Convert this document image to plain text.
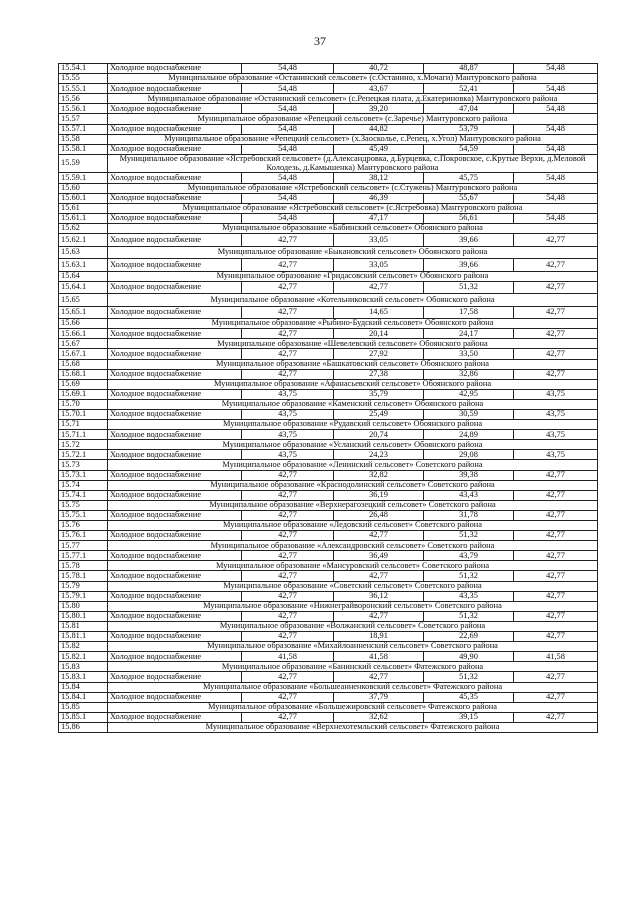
37
15.54.1	Холодное водоснабжение	54,48	40,72	48,87	54,48
15.55	Муниципальное образование «Останинский сельсовет» (с.Останино, х.Мочаги) Мантуровского района				
15.55.1	Холодное водоснабжение	54,48	43,67	52,41	54,48
15.56	Муниципальное образование «Останинский сельсовет» (с.Репецкая плата, д.Екатериновка) Мантуровского района				
15.56.1	Холодное водоснабжение	54,48	39,20	47,04	54,48
15.57	Муниципальное образование «Репецкий сельсовет» (с.Заречье) Мантуровского района				
15.57.1	Холодное водоснабжение	54,48	44,82	53,79	54,48
15.58	Муниципальное образование «Репецкий сельсовет» (х.Заосколье, с.Репец, х.Угол) Мантуровского района				
15.58.1	Холодное водоснабжение	54,48	45,49	54,59	54,48
15.59	Муниципальное образование «Ястребовский сельсовет» (д.Александровка, д.Бурцевка, с.Покровское, с.Крутые Верхи, д.Меловой Колодезь, д.Камышенка) Мантуровского района				
15.59.1	Холодное водоснабжение	54,48	38,12	45,75	54,48
15.60	Муниципальное образование «Ястребовский сельсовет» (с.Стужень) Мантуровского района				
15.60.1	Холодное водоснабжение	54,48	46,39	55,67	54,48
15.61	Муниципальное образование «Ястребовский сельсовет» (с.Ястребовка) Мантуровского района				
15.61.1	Холодное водоснабжение	54,48	47,17	56,61	54,48
15.62	Муниципальное образование «Бабинский сельсовет» Обоянского района				
15.62.1	Холодное водоснабжение	42,77	33,05	39,66	42,77
15.63	Муниципальное образование «Быкановский сельсовет» Обоянского района				
15.63.1	Холодное водоснабжение	42,77	33,05	39,66	42,77
15.64	Муниципальное образование «Гридасовский сельсовет» Обоянского района				
15.64.1	Холодное водоснабжение	42,77	42,77	51,32	42,77
15.65	Муниципальное образование «Котельниковский сельсовет» Обоянского района				
15.65.1	Холодное водоснабжение	42,77	14,65	17,58	42,77
15.66	Муниципальное образование «Рыбино-Будский сельсовет» Обоянского района				
15.66.1	Холодное водоснабжение	42,77	20,14	24,17	42,77
15.67	Муниципальное образование «Шевелевский сельсовет» Обоянского района				
15.67.1	Холодное водоснабжение	42,77	27,92	33,50	42,77
15.68	Муниципальное образование «Башкатовский сельсовет» Обоянского района				
15.68.1	Холодное водоснабжение	42,77	27,38	32,86	42,77
15.69	Муниципальное образование «Афанасьевский сельсовет» Обоянского района				
15.69.1	Холодное водоснабжение	43,75	35,79	42,95	43,75
15.70	Муниципальное образование «Каменский сельсовет» Обоянского района				
15.70.1	Холодное водоснабжение	43,75	25,49	30,59	43,75
15.71	Муниципальное образование «Рудавский сельсовет» Обоянского района				
15.71.1	Холодное водоснабжение	43,75	20,74	24,89	43,75
15.72	Муниципальное образование «Усланский сельсовет» Обоянского района				
15.72.1	Холодное водоснабжение	43,75	24,23	29,08	43,75
15.73	Муниципальное образование «Ленинский сельсовет» Советского района				
15.73.1	Холодное водоснабжение	42,77	32,82	39,38	42,77
15.74	Муниципальное образование «Краснодолинский сельсовет» Советского района				
15.74.1	Холодное водоснабжение	42,77	36,19	43,43	42,77
15.75	Муниципальное образование «Верхнерагозецкий сельсовет» Советского района				
15.75.1	Холодное водоснабжение	42,77	26,48	31,78	42,77
15.76	Муниципальное образование «Ледовский сельсовет» Советского района				
15.76.1	Холодное водоснабжение	42,77	42,77	51,32	42,77
15.77	Муниципальное образование «Александровский сельсовет» Советского района				
15.77.1	Холодное водоснабжение	42,77	36,49	43,79	42,77
15.78	Муниципальное образование «Мансуровский сельсовет» Советского района				
15.78.1	Холодное водоснабжение	42,77	42,77	51,32	42,77
15.79	Муниципальное образование «Советский сельсовет» Советского района				
15.79.1	Холодное водоснабжение	42,77	36,12	43,35	42,77
15.80	Муниципальное образование «Нижнеграйворонский сельсовет» Советского района				
15.80.1	Холодное водоснабжение	42,77	42,77	51,32	42,77
15.81	Муниципальное образование «Волжанский сельсовет» Советского района				
15.81.1	Холодное водоснабжение	42,77	18,91	22,69	42,77
15.82	Муниципальное образование «Михайлоанненский сельсовет» Советского района				
15.82.1	Холодное водоснабжение	41,58	41,58	49,90	41,58
15.83	Муниципальное образование «Банинский сельсовет» Фатежского района				
15.83.1	Холодное водоснабжение	42,77	42,77	51,32	42,77
15.84	Муниципальное образование «Большеанненковский сельсовет» Фатежского района				
15.84.1	Холодное водоснабжение	42,77	37,79	45,35	42,77
15.85	Муниципальное образование «Большежировский сельсовет» Фатежского района				
15.85.1	Холодное водоснабжение	42,77	32,62	39,15	42,77
15.86	Муниципальное образование «Верхнехотемльский сельсовет» Фатежского района				
